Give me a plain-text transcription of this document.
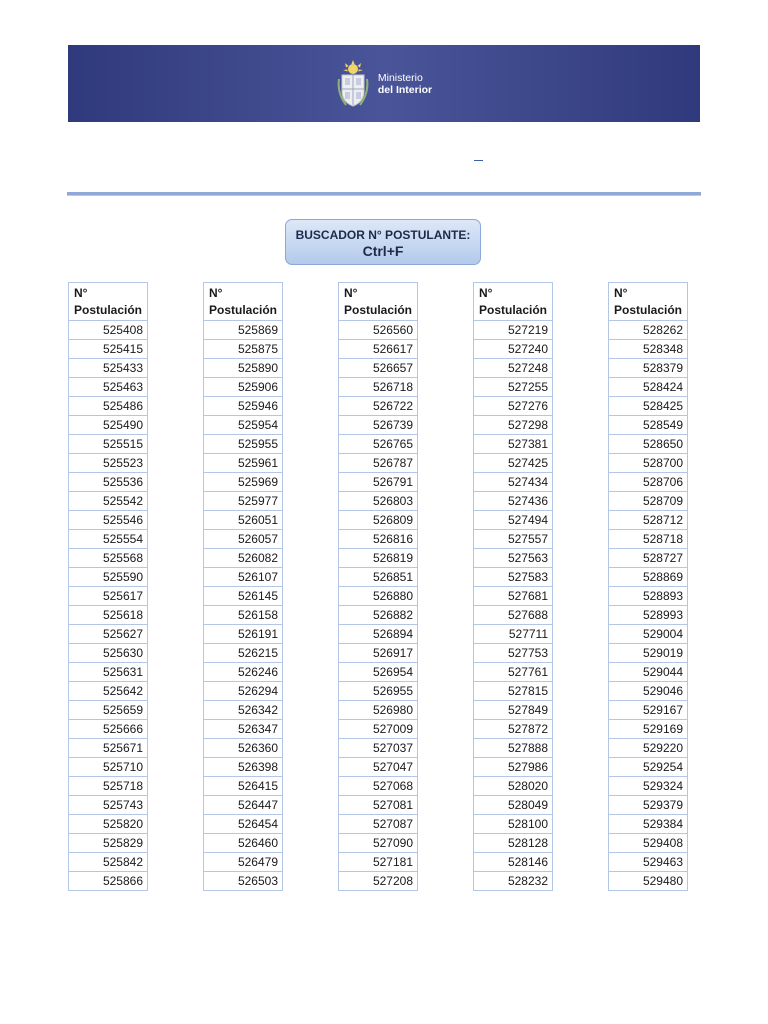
Ministerio
del Interior
BUSCADOR N° POSTULANTE:
Ctrl+F
N°
Postulación

525408
525415
525433
525463
525486
525490
525515
525523
525536
525542
525546
525554
525568
525590
525617
525618
525627
525630
525631
525642
525659
525666
525671
525710
525718
525743
525820
525829
525842
525866
N°
Postulación

525869
525875
525890
525906
525946
525954
525955
525961
525969
525977
526051
526057
526082
526107
526145
526158
526191
526215
526246
526294
526342
526347
526360
526398
526415
526447
526454
526460
526479
526503
N°
Postulación

526560
526617
526657
526718
526722
526739
526765
526787
526791
526803
526809
526816
526819
526851
526880
526882
526894
526917
526954
526955
526980
527009
527037
527047
527068
527081
527087
527090
527181
527208
N°
Postulación

527219
527240
527248
527255
527276
527298
527381
527425
527434
527436
527494
527557
527563
527583
527681
527688
527711
527753
527761
527815
527849
527872
527888
527986
528020
528049
528100
528128
528146
528232
N°
Postulación

528262
528348
528379
528424
528425
528549
528650
528700
528706
528709
528712
528718
528727
528869
528893
528993
529004
529019
529044
529046
529167
529169
529220
529254
529324
529379
529384
529408
529463
529480
